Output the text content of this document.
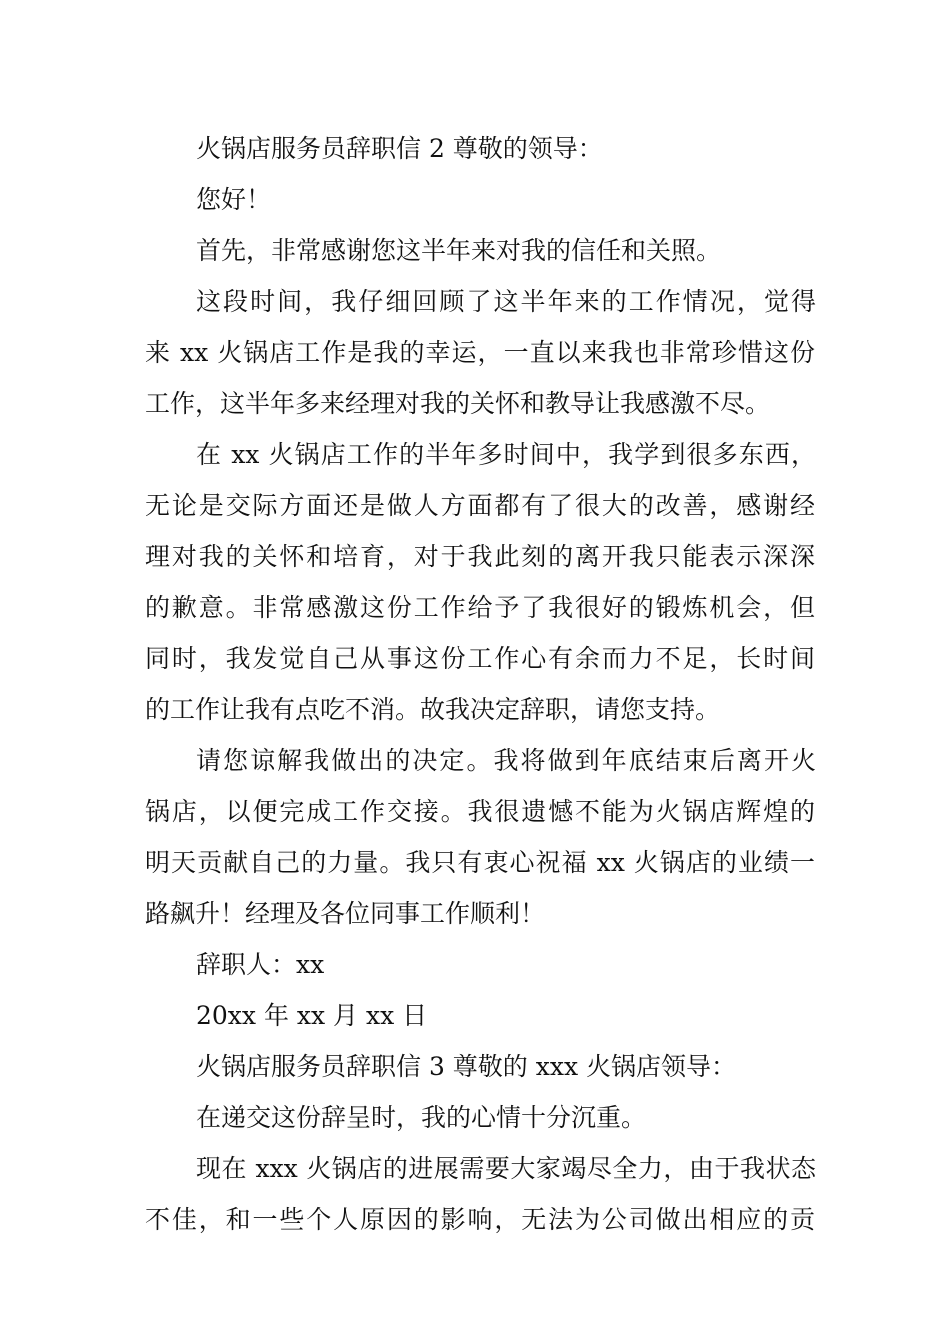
火锅店服务员辞职信 2 尊敬的领导：
您好！
首先，非常感谢您这半年来对我的信任和关照。
这段时间，我仔细回顾了这半年来的工作情况，觉得
来 xx 火锅店工作是我的幸运，一直以来我也非常珍惜这份
工作，这半年多来经理对我的关怀和教导让我感激不尽。
在 xx 火锅店工作的半年多时间中，我学到很多东西，
无论是交际方面还是做人方面都有了很大的改善，感谢经
理对我的关怀和培育，对于我此刻的离开我只能表示深深
的歉意。非常感激这份工作给予了我很好的锻炼机会，但
同时，我发觉自己从事这份工作心有余而力不足，长时间
的工作让我有点吃不消。故我决定辞职，请您支持。
请您谅解我做出的决定。我将做到年底结束后离开火
锅店，以便完成工作交接。我很遗憾不能为火锅店辉煌的
明天贡献自己的力量。我只有衷心祝福 xx 火锅店的业绩一
路飙升！经理及各位同事工作顺利！
辞职人：xx
20xx 年 xx 月 xx 日
火锅店服务员辞职信 3 尊敬的 xxx 火锅店领导：
在递交这份辞呈时，我的心情十分沉重。
现在 xxx 火锅店的进展需要大家竭尽全力，由于我状态
不佳，和一些个人原因的影响，无法为公司做出相应的贡
